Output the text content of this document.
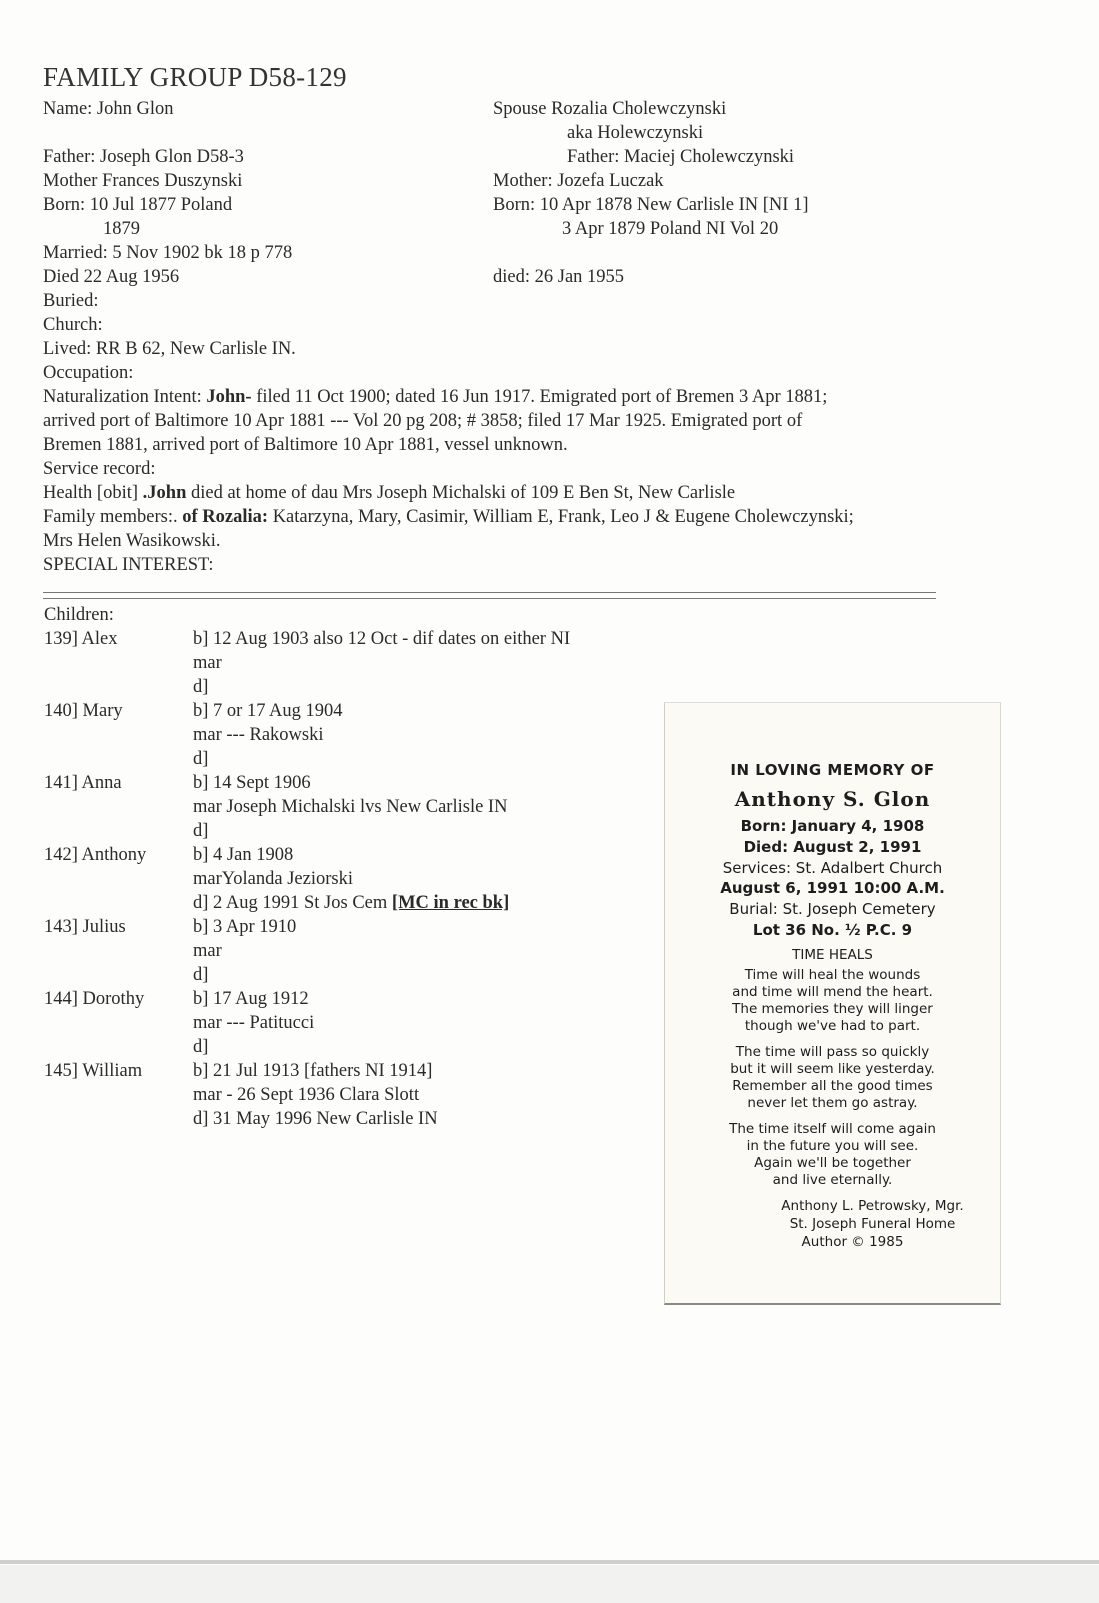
FAMILY GROUP D58-129
Name: John Glon
Father: Joseph Glon D58-3
Mother Frances Duszynski
Born: 10 Jul 1877 Poland
1879
Married: 5 Nov 1902 bk 18 p 778
Died 22 Aug 1956
Buried:
Church:
Lived: RR B 62, New Carlisle IN.
Occupation:
Spouse Rozalia Cholewczynski
aka Holewczynski
Father: Maciej Cholewczynski
Mother: Jozefa Luczak
Born: 10 Apr 1878 New Carlisle IN [NI 1]
3 Apr 1879 Poland NI Vol 20
died: 26 Jan 1955
Naturalization Intent: John- filed 11 Oct 1900; dated 16 Jun 1917. Emigrated port of Bremen 3 Apr 1881;
arrived port of Baltimore 10 Apr 1881 --- Vol 20 pg 208; # 3858; filed 17 Mar 1925. Emigrated port of
Bremen 1881, arrived port of Baltimore 10 Apr 1881, vessel unknown.
Service record:
Health [obit] .John died at home of dau Mrs Joseph Michalski of 109 E Ben St, New Carlisle
Family members:. of Rozalia: Katarzyna, Mary, Casimir, William E, Frank, Leo J & Eugene Cholewczynski;
Mrs Helen Wasikowski.
SPECIAL INTEREST:
Children:
139] Alex	b] 12 Aug 1903 also 12 Oct - dif dates on either NI
mar
d]
140] Mary	b] 7 or 17 Aug 1904
mar --- Rakowski
d]
141] Anna	b] 14 Sept 1906
mar Joseph Michalski lvs New Carlisle IN
d]
142] Anthony	b] 4 Jan 1908
marYolanda Jeziorski
d] 2 Aug 1991 St Jos Cem [MC in rec bk]
143] Julius	b] 3 Apr 1910
mar
d]
144] Dorothy	b] 17 Aug 1912
mar --- Patitucci
d]
145] William	b] 21 Jul 1913 [fathers NI 1914]
mar - 26 Sept 1936 Clara Slott
d] 31 May 1996 New Carlisle IN
IN LOVING MEMORY OF
Anthony S. Glon
Born: January 4, 1908
Died: August 2, 1991
Services: St. Adalbert Church
August 6, 1991 10:00 A.M.
Burial: St. Joseph Cemetery
Lot 36 No. ½ P.C. 9
TIME HEALS
Time will heal the wounds
and time will mend the heart.
The memories they will linger
though we've had to part.
The time will pass so quickly
but it will seem like yesterday.
Remember all the good times
never let them go astray.
The time itself will come again
in the future you will see.
Again we'll be together
and live eternally.
Anthony L. Petrowsky, Mgr.
St. Joseph Funeral Home
Author © 1985
